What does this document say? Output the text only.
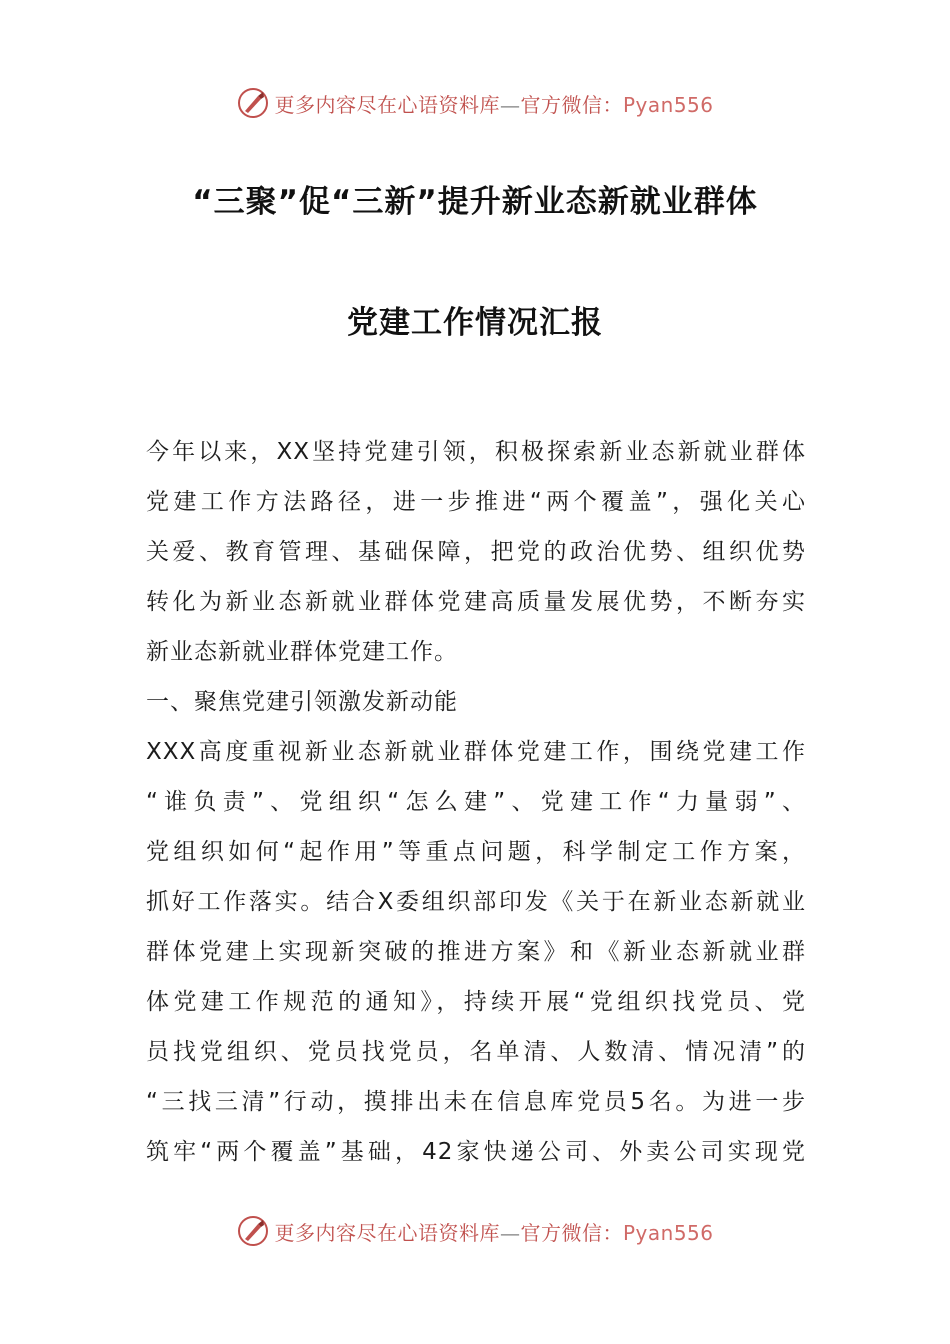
更多内容尽在心语资料库—官方微信：Pyan556
“三聚”促“三新”提升新业态新就业群体
党建工作情况汇报
今年以来，XX坚持党建引领，积极探索新业态新就业群体
党建工作方法路径，进一步推进“两个覆盖”，强化关心
关爱、教育管理、基础保障，把党的政治优势、组织优势
转化为新业态新就业群体党建高质量发展优势，不断夯实
新业态新就业群体党建工作。
一、聚焦党建引领激发新动能
XXX高度重视新业态新就业群体党建工作，围绕党建工作
“谁负责”、党组织“怎么建”、党建工作“力量弱”、
党组织如何“起作用”等重点问题，科学制定工作方案，
抓好工作落实。结合X委组织部印发《关于在新业态新就业
群体党建上实现新突破的推进方案》和《新业态新就业群
体党建工作规范的通知》，持续开展“党组织找党员、党
员找党组织、党员找党员，名单清、人数清、情况清”的
“三找三清”行动，摸排出未在信息库党员5名。为进一步
筑牢“两个覆盖”基础，42家快递公司、外卖公司实现党
更多内容尽在心语资料库—官方微信：Pyan556
